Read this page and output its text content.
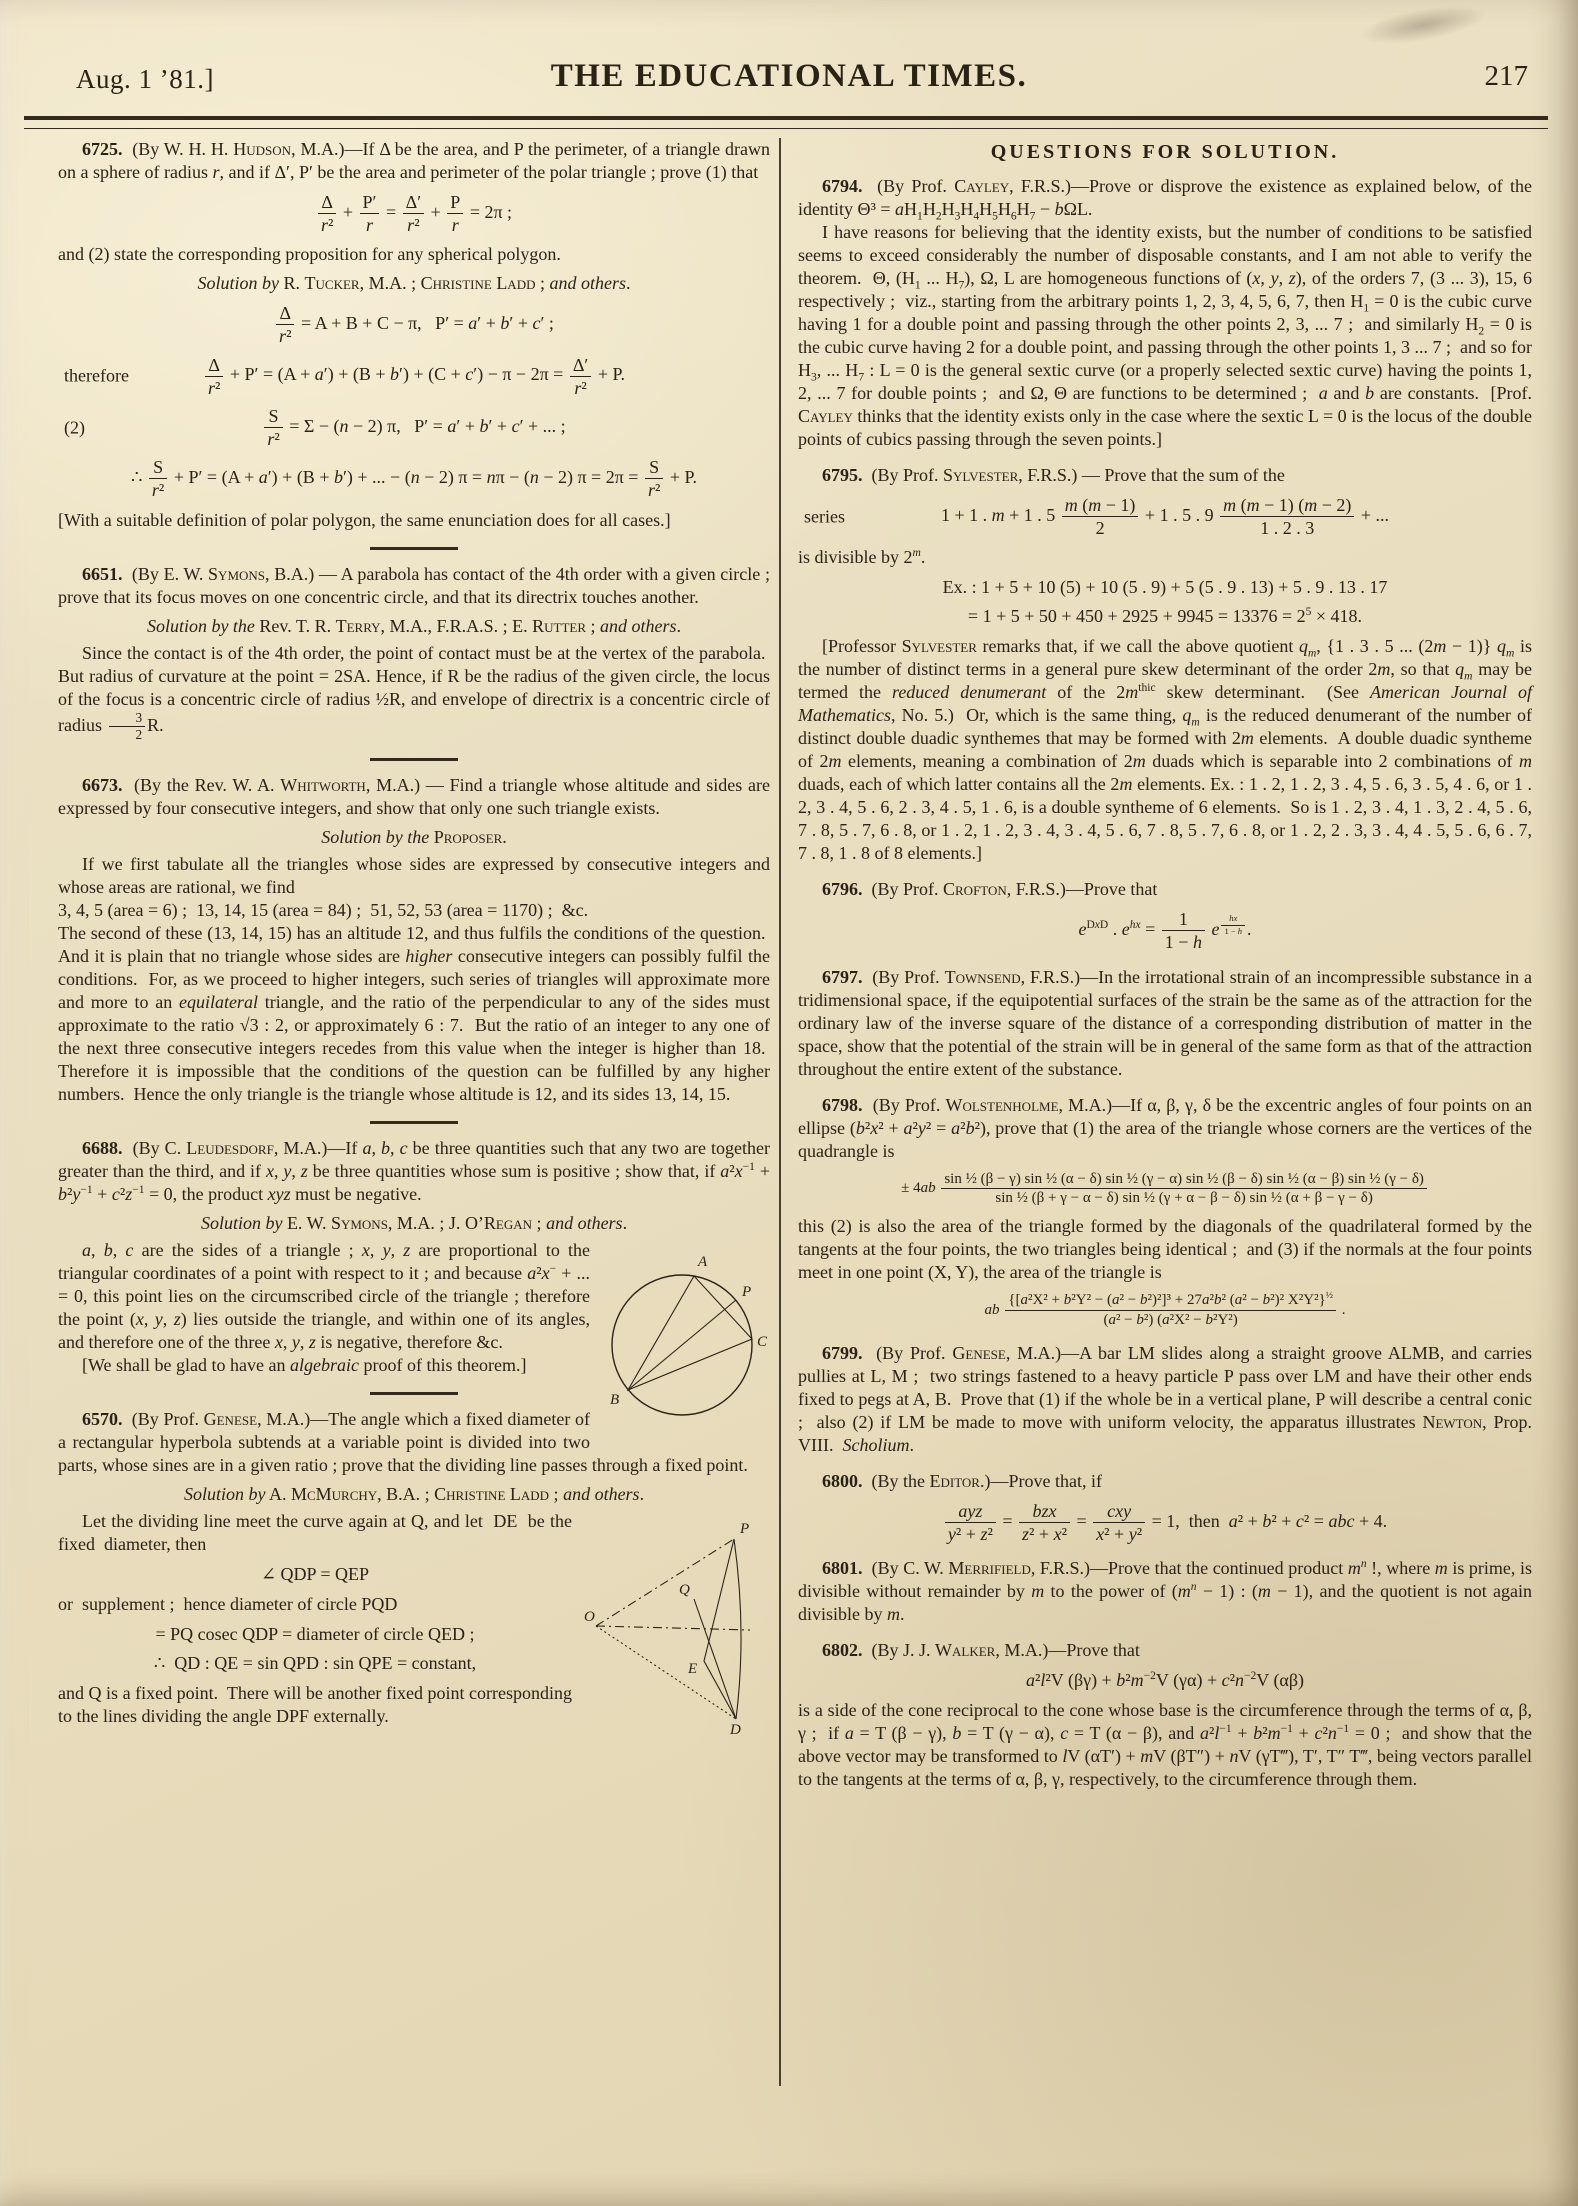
Aug. 1 ’81.]	THE EDUCATIONAL TIMES.	217

6725.  (By W. H. H. Hudson, M.A.)—If Δ be the area, and P the perimeter, of a triangle drawn on a sphere of radius r, and if Δ′, P′ be the area and perimeter of the polar triangle ; prove (1) that

$\frac{\Delta}{\text{r²}} + \frac{P'}{r} = \frac{\Delta'}{\text{r²}} + \frac{P}{r} = 2\pi$ ;

and (2) state the corresponding proposition for any spherical polygon.

Solution by R. Tucker, M.A. ; Christine Ladd ; and others.
$\frac{\Delta}{\text{r²}} = A + B + C - \pi$,   P′ = a′ + b′ + c′ ;
therefore	$\frac{\Delta}{\text{r²}} + P' = (A + a') + (B + b') + (C + c') - \pi - 2\pi = \frac{\Delta'}{\text{r²}} + P$.
(2)	$\frac{S}{\text{r²}} = \Sigma - (n - 2)$ π,   P′ = a′ + b′ + c′ + ... ;
∴ $\frac{S}{\text{r²}} + P' = (A + a') + (B + b')$ + ... − (n − 2) π = nπ − (n − 2) $\pi = 2\pi = \frac{S}{\text{r²}} + P$.

[With a suitable definition of polar polygon, the same enunciation does for all cases.]

6651.  (By E. W. Symons, B.A.) — A parabola has contact of the 4th order with a given circle ; prove that its focus moves on one concentric circle, and that its directrix touches another.

Solution by the Rev. T. R. Terry, M.A., F.R.A.S. ; E. Rutter ; and others.

Since the contact is of the 4th order, the point of contact must be at the vertex of the parabola.  But radius of curvature at the point = 2SA. Hence, if R be the radius of the given circle, the locus of the focus is a concentric circle of radius ½R, and envelope of directrix is a concentric circle of radius $\frac{3}{2} R$.

6673.  (By the Rev. W. A. Whitworth, M.A.) — Find a triangle whose altitude and sides are expressed by four consecutive integers, and show that only one such triangle exists.

Solution by the Proposer.

If we first tabulate all the triangles whose sides are expressed by consecutive integers and whose areas are rational, we find

3, 4, 5 (area = 6) ;  13, 14, 15 (area = 84) ;  51, 52, 53 (area = 1170) ;  &c.

The second of these (13, 14, 15) has an altitude 12, and thus fulfils the conditions of the question.  And it is plain that no triangle whose sides are higher consecutive integers can possibly fulfil the conditions.  For, as we proceed to higher integers, such series of triangles will approximate more and more to an equilateral triangle, and the ratio of the perpendicular to any of the sides must approximate to the ratio √3 : 2, or approximately 6 : 7.  But the ratio of an integer to any one of the next three consecutive integers recedes from this value when the integer is higher than 18.  Therefore it is impossible that the conditions of the question can be fulfilled by any higher numbers.  Hence the only triangle is the triangle whose altitude is 12, and its sides 13, 14, 15.

6688.  (By C. Leudesdorf, M.A.)—If a, b, c be three quantities such that any two are together greater than the third, and if x, y, z be three quantities whose sum is positive ; show that, if $a^2x^{-1} + b^2y^{-1} + c^2z^{-1} = 0$, the product xyz must be negative.

Solution by E. W. Symons, M.A. ; J. O’Regan ; and others.

A
P
C
B
a, b, c are the sides of a triangle ; x, y, z are proportional to the triangular coordinates of a point with respect to it ; and because a²x− + ... = 0, this point lies on the circumscribed circle of the triangle ; therefore the point (x, y, z) lies outside the triangle, and within one of its angles, and therefore one of the three x, y, z is negative, therefore &c.

[We shall be glad to have an algebraic proof of this theorem.]

6570.  (By Prof. Genese, M.A.)—The angle which a fixed diameter of a rectangular hyperbola subtends at a variable point is divided into two parts, whose sines are in a given ratio ; prove that the dividing line passes through a fixed point.

Solution by A. McMurchy, B.A. ; Christine Ladd ; and others.

P
Q
E
O
D
Let the dividing line meet the curve again at Q, and let  DE  be the fixed  diameter, then

∠ QDP = QEP

or  supplement ;  hence diameter of circle PQD

= PQ cosec QDP = diameter of circle QED ;
∴  QD : QE = sin QPD : sin QPE = constant,

and Q is a fixed point.  There will be another fixed point corresponding to the lines dividing the angle DPF externally.

QUESTIONS FOR SOLUTION.

6794.  (By Prof. Cayley, F.R.S.)—Prove or disprove the existence as explained below, of the identity $\Theta^3 = aH_1H_2H_3H_4H_5H_6H_7 - b\Omega L$.

I have reasons for believing that the identity exists, but the number of conditions to be satisfied seems to exceed considerably the number of disposable constants, and I am not able to verify the theorem.  Θ, ($H_1$ ... $H_7$), Ω, L are homogeneous functions of (x, y, z), of the orders 7, (3 ... 3), 15, 6 respectively ;  viz., starting from the arbitrary points 1, 2, 3, 4, 5, 6, 7, then $H_1 = 0$ is the cubic curve having 1 for a double point and passing through the other points 2, 3, ... 7 ;  and similarly $H_2 = 0$ is the cubic curve having 2 for a double point, and passing through the other points 1, 3 ... 7 ;  and so for $H_3$, ... $H_7$ : L = 0 is the general sextic curve (or a properly selected sextic curve) having the points 1, 2, ... 7 for double points ;  and Ω, Θ are functions to be determined ;  a and b are constants.  [Prof. Cayley thinks that the identity exists only in the case where the sextic L = 0 is the locus of the double points of cubics passing through the seven points.]

6795.  (By Prof. Sylvester, F.R.S.) — Prove that the sum of the

series	1 + 1 . m + 1 . $5 \frac{m (m - 1)}{2} + 1$ . 5 . $9 \frac{m (m - 1) (m - 2)}{1 . 2 . 3}$ + ...

is divisible by 2$^m$.

Ex. : 1 + 5 + 10 (5) + 10 (5 . 9) + 5 (5 . 9 . 13) + 5 . 9 . 13 . 17
= $1 + 5 + 50 + 450 + 2925 + 9945 = 13376 = 2^5 \times 418$.

[Professor Sylvester remarks that, if we call the above quotient $q_m$, {1 . 3 . 5 ... (2m − 1)} $q_m$ is the number of distinct terms in a general pure skew determinant of the order 2m, so that $q_m$ may be termed the reduced denumerant of the $2m^{thic}$ skew determinant.  (See American Journal of Mathematics, No. 5.)  Or, which is the same thing, $q_m$ is the reduced denumerant of the number of distinct double duadic synthemes that may be formed with 2m elements.  A double duadic syntheme of 2m elements, meaning a combination of 2m duads which is separable into 2 combinations of m duads, each of which latter contains all the 2m elements. Ex. : 1 . 2, 1 . 2, 3 . 4, 5 . 6, 3 . 5, 4 . 6, or 1 . 2, 3 . 4, 5 . 6, 2 . 3, 4 . 5, 1 . 6, is a double syntheme of 6 elements.  So is 1 . 2, 3 . 4, 1 . 3, 2 . 4, 5 . 6, 7 . 8, 5 . 7, 6 . 8, or 1 . 2, 1 . 2, 3 . 4, 3 . 4, 5 . 6, 7 . 8, 5 . 7, 6 . 8, or 1 . 2, 2 . 3, 3 . 4, 4 . 5, 5 . 6, 6 . 7, 7 . 8, 1 . 8 of 8 elements.]

6796.  (By Prof. Crofton, F.R.S.)—Prove that

$e^{DxD}$ . $e^{hx} = \frac{1}{1 - h}$ e $^{\frac{hx}{1 - h}}$ .

6797.  (By Prof. Townsend, F.R.S.)—In the irrotational strain of an incompressible substance in a tridimensional space, if the equipotential surfaces of the strain be the same as of the attraction for the ordinary law of the inverse square of the distance of a corresponding distribution of matter in the space, show that the potential of the strain will be in general of the same form as that of the attraction throughout the entire extent of the substance.

6798.  (By Prof. Wolstenholme, M.A.)—If α, β, γ, δ be the excentric angles of four points on an ellipse (b²x² + a²y² = a²b²), prove that (1) the area of the triangle whose corners are the vertices of the quadrangle is

± 4ab
sin ½ (β − γ) sin ½ (α − δ) sin ½ (γ − α) sin ½ (β − δ) sin ½ (α − β) sin ½ (γ − δ)
sin ½ (β + γ − α − δ) sin ½ (γ + α − β − δ) sin ½ (α + β − γ − δ)

this (2) is also the area of the triangle formed by the diagonals of the quadrilateral formed by the tangents at the four points, the two triangles being identical ;  and (3) if the normals at the four points meet in one point (X, Y), the area of the triangle is

ab $\frac{\{[a^2X^2 + b^2Y^2 - (a^2 - b^2)^2]^3 + 27a^2b^2 (a^2 - b^2)^2 X^2Y^2\}^{\frac{1}{2}}}{\text{(a² − b²) (a²X² − b²Y²)}}$ .

6799.  (By Prof. Genese, M.A.)—A bar LM slides along a straight groove ALMB, and carries pullies at L, M ;  two strings fastened to a heavy particle P pass over LM and have their other ends fixed to pegs at A, B.  Prove that (1) if the whole be in a vertical plane, P will describe a central conic ;  also (2) if LM be made to move with uniform velocity, the apparatus illustrates Newton, Prop. VIII.  Scholium.

6800.  (By the Editor.)—Prove that, if

ayz
y² + z²
= bzx
z² + x²
= cxy
x² + y²
= 1,  then  a² + b² + c² = abc + 4.

6801.  (By C. W. Merrifield, F.R.S.)—Prove that the continued product $m^n$ !, where m is prime, is divisible without remainder by m to the power of $(m^n - 1)$ : (m − 1), and the quotient is not again divisible by m.

6802.  (By J. J. Walker, M.A.)—Prove that

a²l²V $(\beta\gamma) + b^2m^{-2}V$ $(\gamma\alpha) + c^2n^{-2}V$ (αβ)

is a side of the cone reciprocal to the cone whose base is the circumference through the terms of α, β, γ ;  if a = T (β − γ), b = T (γ − α), c = T (α − β), and $a^2l^{-1} + b^2m^{-1} + c^2n^{-1} = 0$ ;  and show that the above vector may be transformed to lV (αT′) + mV (βT″) + nV (γT‴), T′, T″ T‴, being vectors parallel to the tangents at the terms of α, β, γ, respectively, to the circumference through them.
